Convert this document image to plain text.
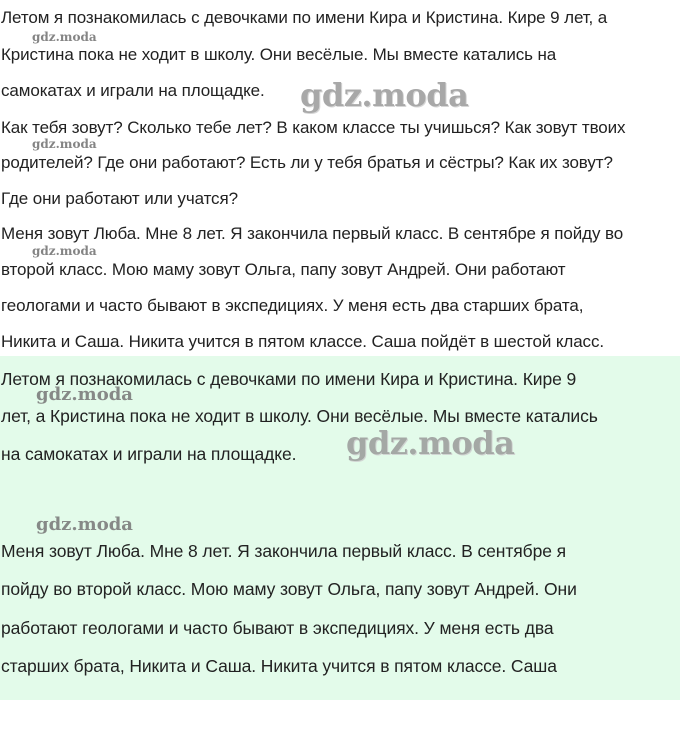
Летом я познакомилась с девочками по имени Кира и Кристина. Кире 9 лет, а

Кристина пока не ходит в школу. Они весёлые. Мы вместе катались на

самокатах и играли на площадке.

Как тебя зовут? Сколько тебе лет? В каком классе ты учишься? Как зовут твоих

родителей? Где они работают? Есть ли у тебя братья и сёстры? Как их зовут?

Где они работают или учатся?

Меня зовут Люба. Мне 8 лет. Я закончила первый класс. В сентябре я пойду во

второй класс. Мою маму зовут Ольга, папу зовут Андрей. Они работают

геологами и часто бывают в экспедициях. У меня есть два старших брата,

Никита и Саша. Никита учится в пятом классе. Саша пойдёт в шестой класс.

gdz.moda
gdz.moda
gdz.moda
gdz.moda

Летом я познакомилась с девочками по имени Кира и Кристина. Кире 9

лет, а Кристина пока не ходит в школу. Они весёлые. Мы вместе катались

на самокатах и играли на площадке.

Меня зовут Люба. Мне 8 лет. Я закончила первый класс. В сентябре я

пойду во второй класс. Мою маму зовут Ольга, папу зовут Андрей. Они

работают геологами и часто бывают в экспедициях. У меня есть два

старших брата, Никита и Саша. Никита учится в пятом классе. Саша

gdz.moda
gdz.moda
gdz.moda
